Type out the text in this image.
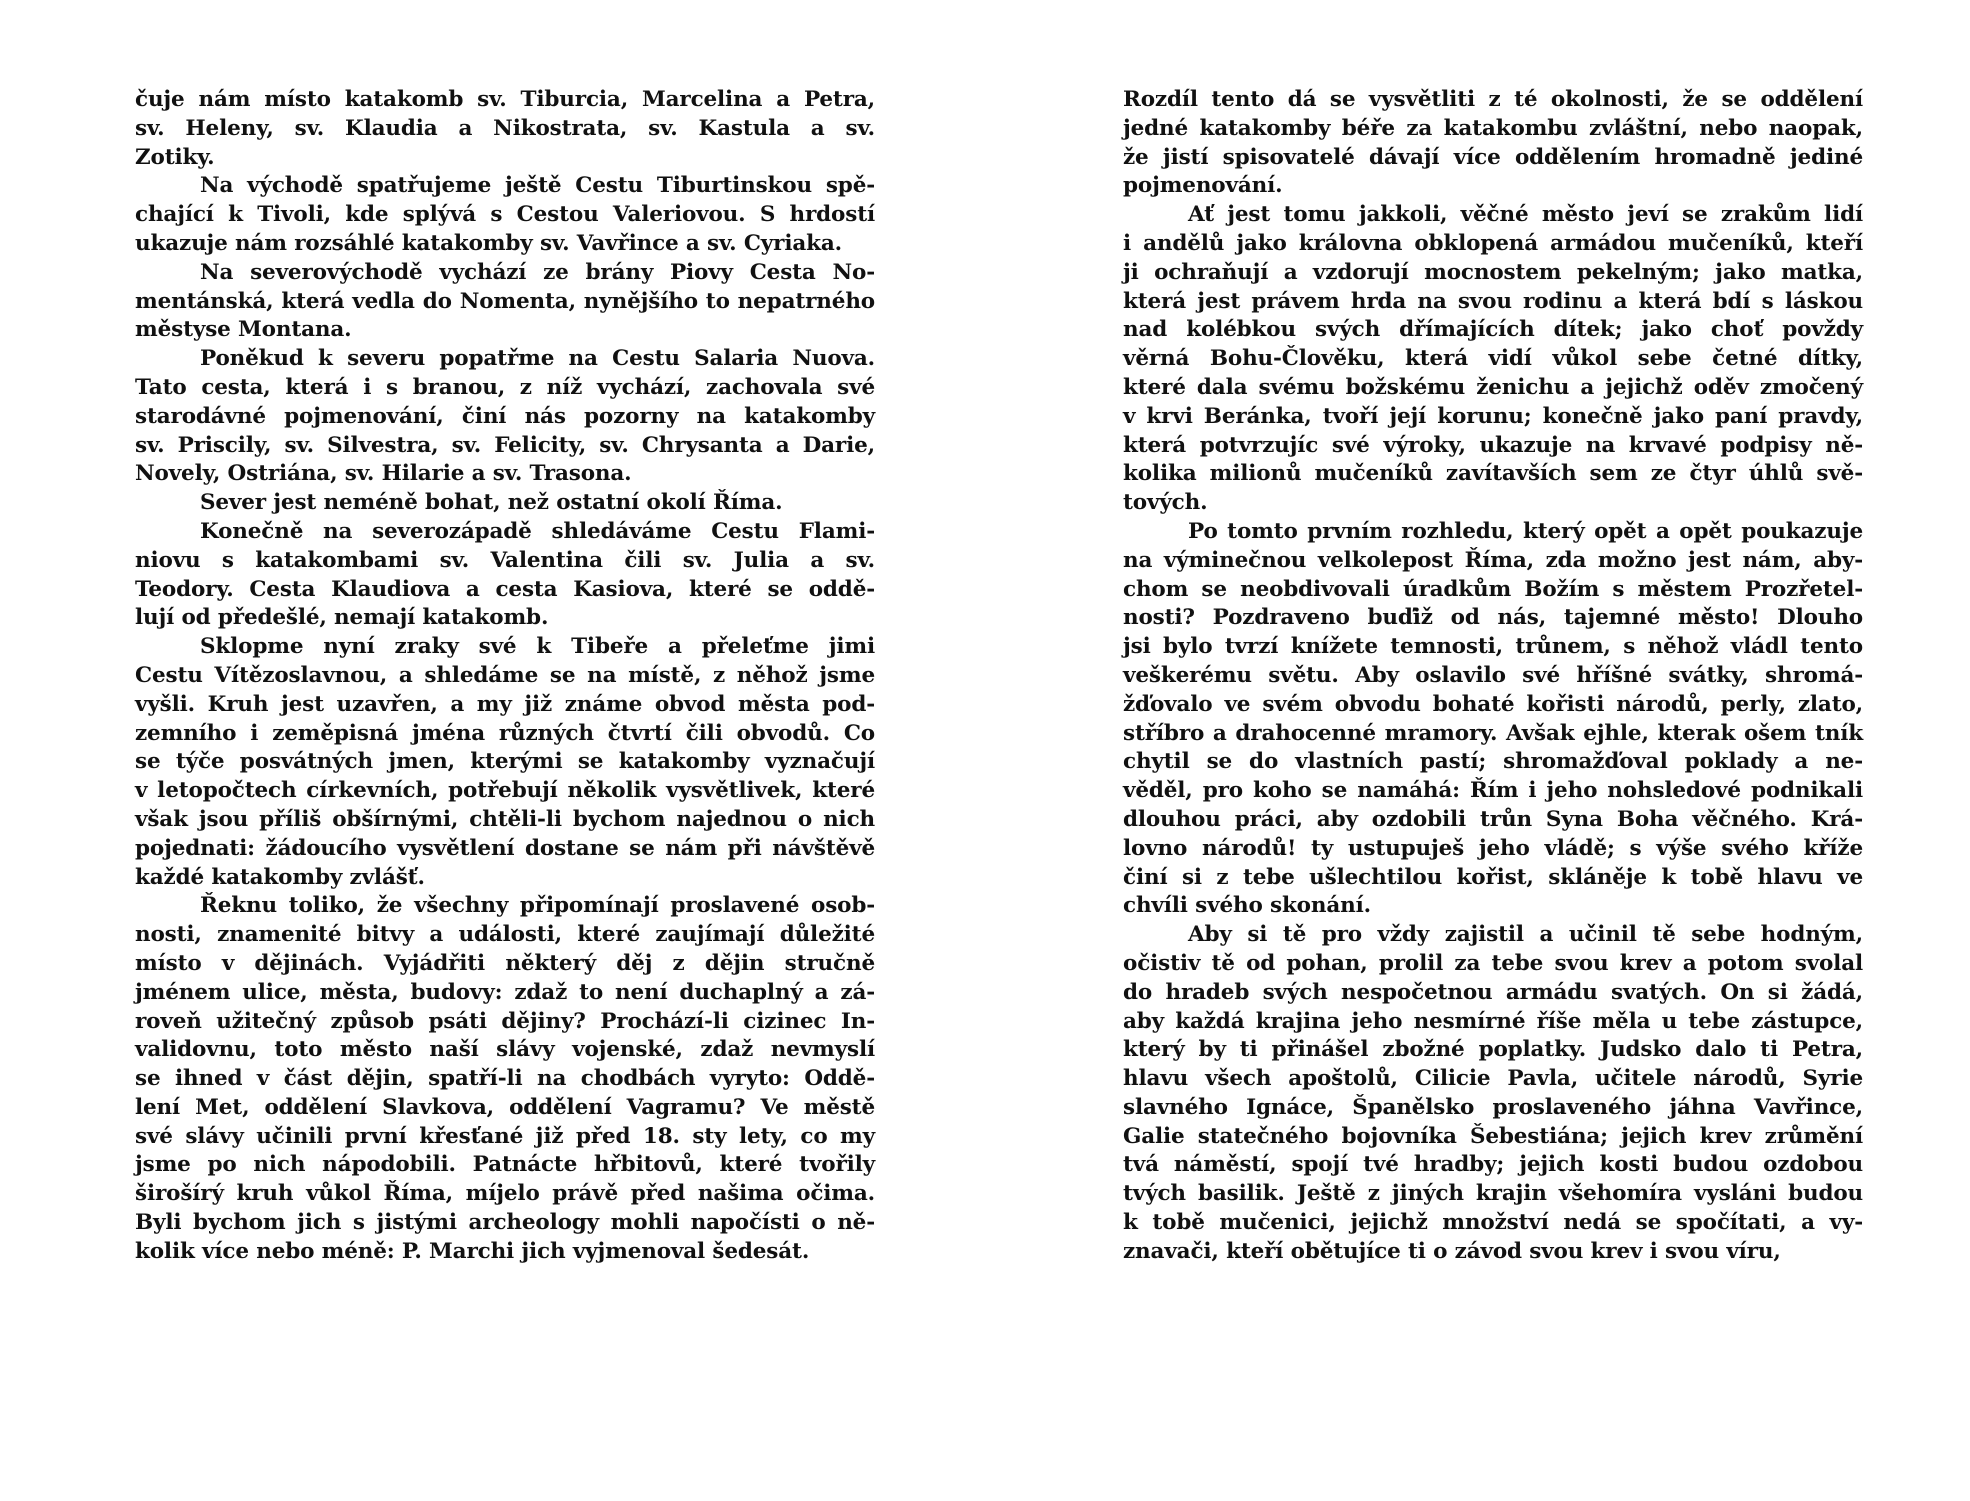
čuje nám místo katakomb sv. Tiburcia, Marcelina a Petra,
sv. Heleny, sv. Klaudia a Nikostrata, sv. Kastula a sv.
Zotiky.
Na východě spatřujeme ještě Cestu Tiburtinskou spě-
chající k Tivoli, kde splývá s Cestou Valeriovou. S hrdostí
ukazuje nám rozsáhlé katakomby sv. Vavřince a sv. Cyriaka.
Na severovýchodě vychází ze brány Piovy Cesta No-
mentánská, která vedla do Nomenta, nynějšího to nepatrného
městyse Montana.
Poněkud k severu popatřme na Cestu Salaria Nuova.
Tato cesta, která i s branou, z níž vychází, zachovala své
starodávné pojmenování, činí nás pozorny na katakomby
sv. Priscily, sv. Silvestra, sv. Felicity, sv. Chrysanta a Darie,
Novely, Ostriána, sv. Hilarie a sv. Trasona.
Sever jest neméně bohat, než ostatní okolí Říma.
Konečně na severozápadě shledáváme Cestu Flami-
niovu s katakombami sv. Valentina čili sv. Julia a sv.
Teodory. Cesta Klaudiova a cesta Kasiova, které se oddě-
lují od předešlé, nemají katakomb.
Sklopme nyní zraky své k Tibeře a přeleťme jimi
Cestu Vítězoslavnou, a shledáme se na místě, z něhož jsme
vyšli. Kruh jest uzavřen, a my již známe obvod města pod-
zemního i zeměpisná jména různých čtvrtí čili obvodů. Co
se týče posvátných jmen, kterými se katakomby vyznačují
v letopočtech církevních, potřebují několik vysvětlivek, které
však jsou příliš obšírnými, chtěli-li bychom najednou o nich
pojednati: žádoucího vysvětlení dostane se nám při návštěvě
každé katakomby zvlášť.
Řeknu toliko, že všechny připomínají proslavené osob-
nosti, znamenité bitvy a události, které zaujímají důležité
místo v dějinách. Vyjádřiti některý děj z dějin stručně
jménem ulice, města, budovy: zdaž to není duchaplný a zá-
roveň užitečný způsob psáti dějiny? Prochází-li cizinec In-
validovnu, toto město naší slávy vojenské, zdaž nevmyslí
se ihned v část dějin, spatří-li na chodbách vyryto: Oddě-
lení Met, oddělení Slavkova, oddělení Vagramu? Ve městě
své slávy učinili první křesťané již před 18. sty lety, co my
jsme po nich nápodobili. Patnácte hřbitovů, které tvořily
širošírý kruh vůkol Říma, míjelo právě před našima očima.
Byli bychom jich s jistými archeology mohli napočísti o ně-
kolik více nebo méně: P. Marchi jich vyjmenoval šedesát.
Rozdíl tento dá se vysvětliti z té okolnosti, že se oddělení
jedné katakomby béře za katakombu zvláštní, nebo naopak,
že jistí spisovatelé dávají více oddělením hromadně jediné
pojmenování.
Ať jest tomu jakkoli, věčné město jeví se zrakům lidí
i andělů jako královna obklopená armádou mučeníků, kteří
ji ochraňují a vzdorují mocnostem pekelným; jako matka,
která jest právem hrda na svou rodinu a která bdí s láskou
nad kolébkou svých dřímajících dítek; jako choť povždy
věrná Bohu-Člověku, která vidí vůkol sebe četné dítky,
které dala svému božskému ženichu a jejichž oděv zmočený
v krvi Beránka, tvoří její korunu; konečně jako paní pravdy,
která potvrzujíc své výroky, ukazuje na krvavé podpisy ně-
kolika milionů mučeníků zavítavších sem ze čtyr úhlů svě-
tových.
Po tomto prvním rozhledu, který opět a opět poukazuje
na výminečnou velkolepost Říma, zda možno jest nám, aby-
chom se neobdivovali úradkům Božím s městem Prozřetel-
nosti? Pozdraveno buďiž od nás, tajemné město! Dlouho
jsi bylo tvrzí knížete temnosti, trůnem, s něhož vládl tento
veškerému světu. Aby oslavilo své hříšné svátky, shromá-
žďovalo ve svém obvodu bohaté kořisti národů, perly, zlato,
stříbro a drahocenné mramory. Avšak ejhle, kterak ošem tník
chytil se do vlastních pastí; shromažďoval poklady a ne-
věděl, pro koho se namáhá: Řím i jeho nohsledové podnikali
dlouhou práci, aby ozdobili trůn Syna Boha věčného. Krá-
lovno národů! ty ustupuješ jeho vládě; s výše svého kříže
činí si z tebe ušlechtilou kořist, skláněje k tobě hlavu ve
chvíli svého skonání.
Aby si tě pro vždy zajistil a učinil tě sebe hodným,
očistiv tě od pohan, prolil za tebe svou krev a potom svolal
do hradeb svých nespočetnou armádu svatých. On si žádá,
aby každá krajina jeho nesmírné říše měla u tebe zástupce,
který by ti přinášel zbožné poplatky. Judsko dalo ti Petra,
hlavu všech apoštolů, Cilicie Pavla, učitele národů, Syrie
slavného Ignáce, Španělsko proslaveného jáhna Vavřince,
Galie statečného bojovníka Šebestiána; jejich krev zrůmění
tvá náměstí, spojí tvé hradby; jejich kosti budou ozdobou
tvých basilik. Ještě z jiných krajin všehomíra vysláni budou
k tobě mučenici, jejichž množství nedá se spočítati, a vy-
znavači, kteří obětujíce ti o závod svou krev i svou víru,
